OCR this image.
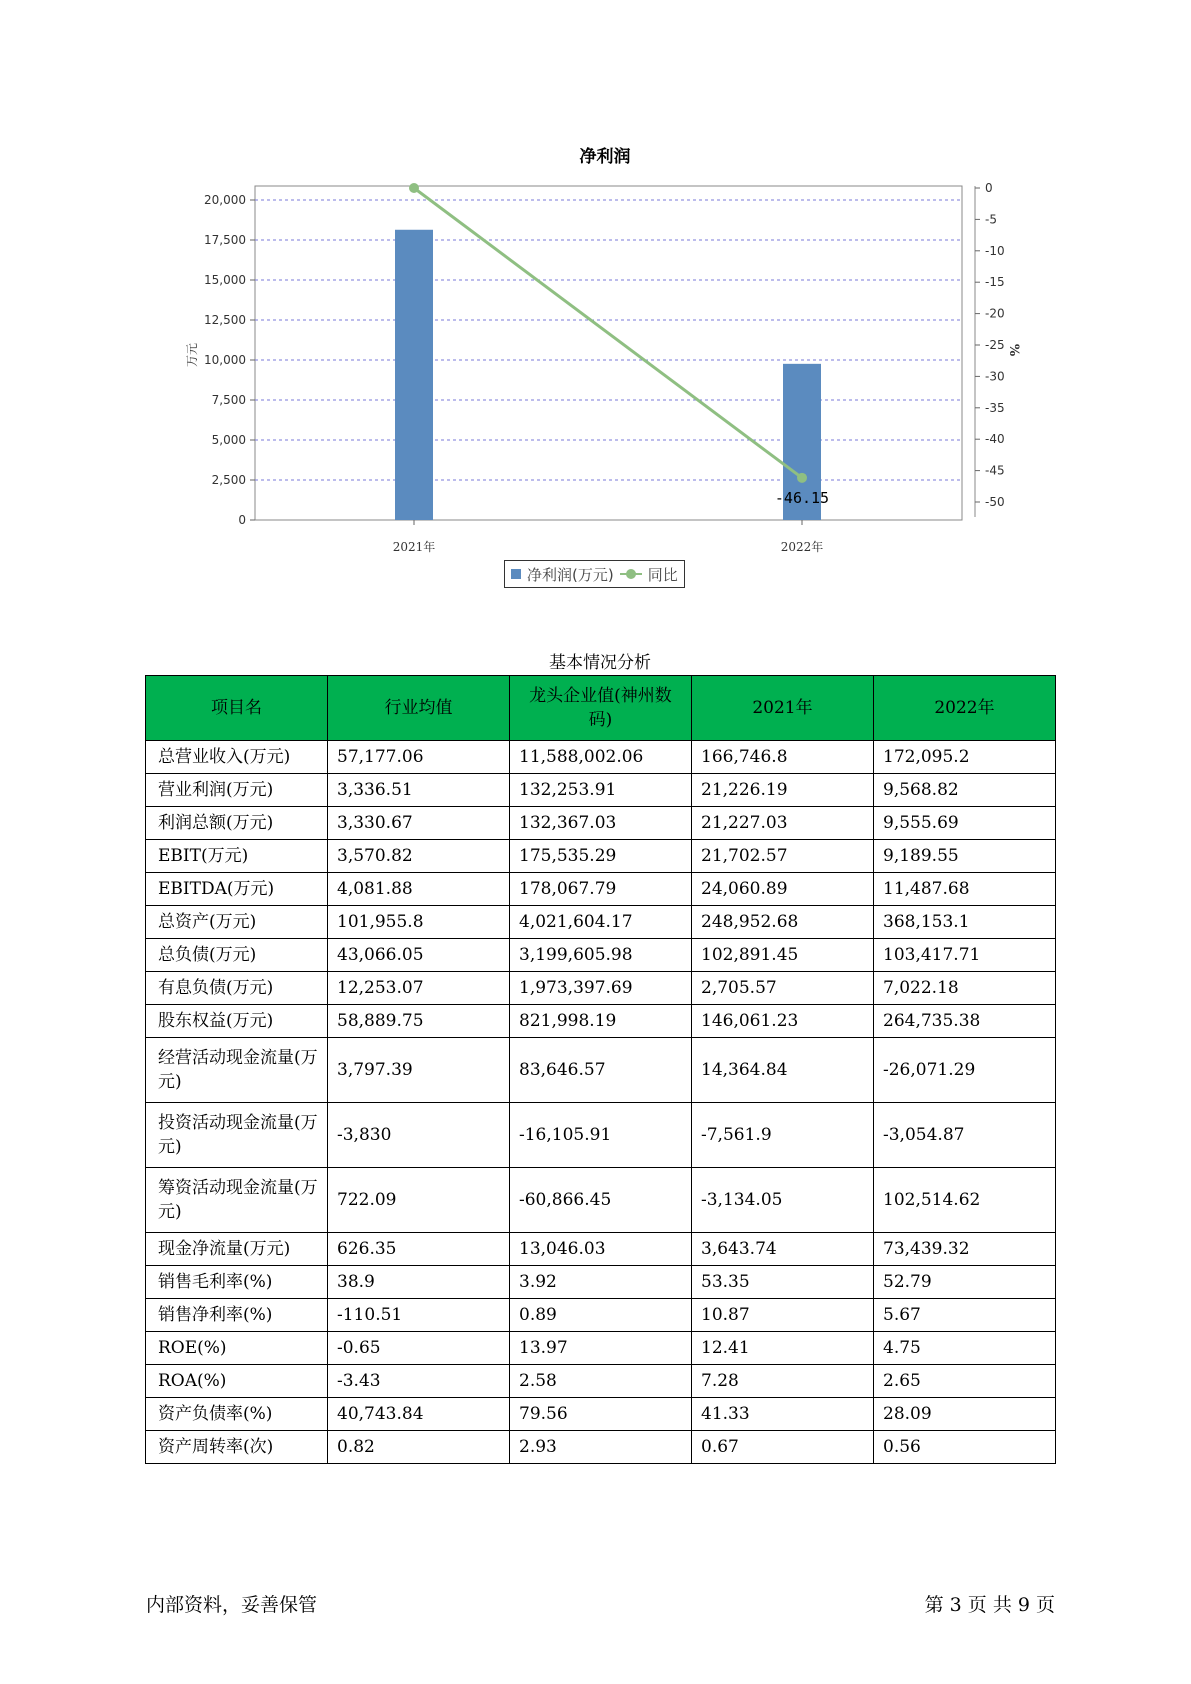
净利润
0
2,500
5,000
7,500
10,000
12,500
15,000
17,500
20,000
万元
0
-5
-10
-15
-20
-25
-30
-35
-40
-45
-50
%
2021年	2022年
-46.15
净利润(万元) 同比
基本情况分析
项目名	行业均值	龙头企业值(神州数码)	2021年	2022年
总营业收入(万元)	57,177.06	11,588,002.06	166,746.8	172,095.2
营业利润(万元)	3,336.51	132,253.91	21,226.19	9,568.82
利润总额(万元)	3,330.67	132,367.03	21,227.03	9,555.69
EBIT(万元)	3,570.82	175,535.29	21,702.57	9,189.55
EBITDA(万元)	4,081.88	178,067.79	24,060.89	11,487.68
总资产(万元)	101,955.8	4,021,604.17	248,952.68	368,153.1
总负债(万元)	43,066.05	3,199,605.98	102,891.45	103,417.71
有息负债(万元)	12,253.07	1,973,397.69	2,705.57	7,022.18
股东权益(万元)	58,889.75	821,998.19	146,061.23	264,735.38
经营活动现金流量(万元)	3,797.39	83,646.57	14,364.84	-26,071.29
投资活动现金流量(万元)	-3,830	-16,105.91	-7,561.9	-3,054.87
筹资活动现金流量(万元)	722.09	-60,866.45	-3,134.05	102,514.62
现金净流量(万元)	626.35	13,046.03	3,643.74	73,439.32
销售毛利率(%)	38.9	3.92	53.35	52.79
销售净利率(%)	-110.51	0.89	10.87	5.67
ROE(%)	-0.65	13.97	12.41	4.75
ROA(%)	-3.43	2.58	7.28	2.65
资产负债率(%)	40,743.84	79.56	41.33	28.09
资产周转率(次)	0.82	2.93	0.67	0.56
内部资料，妥善保管	第 3 页 共 9 页
